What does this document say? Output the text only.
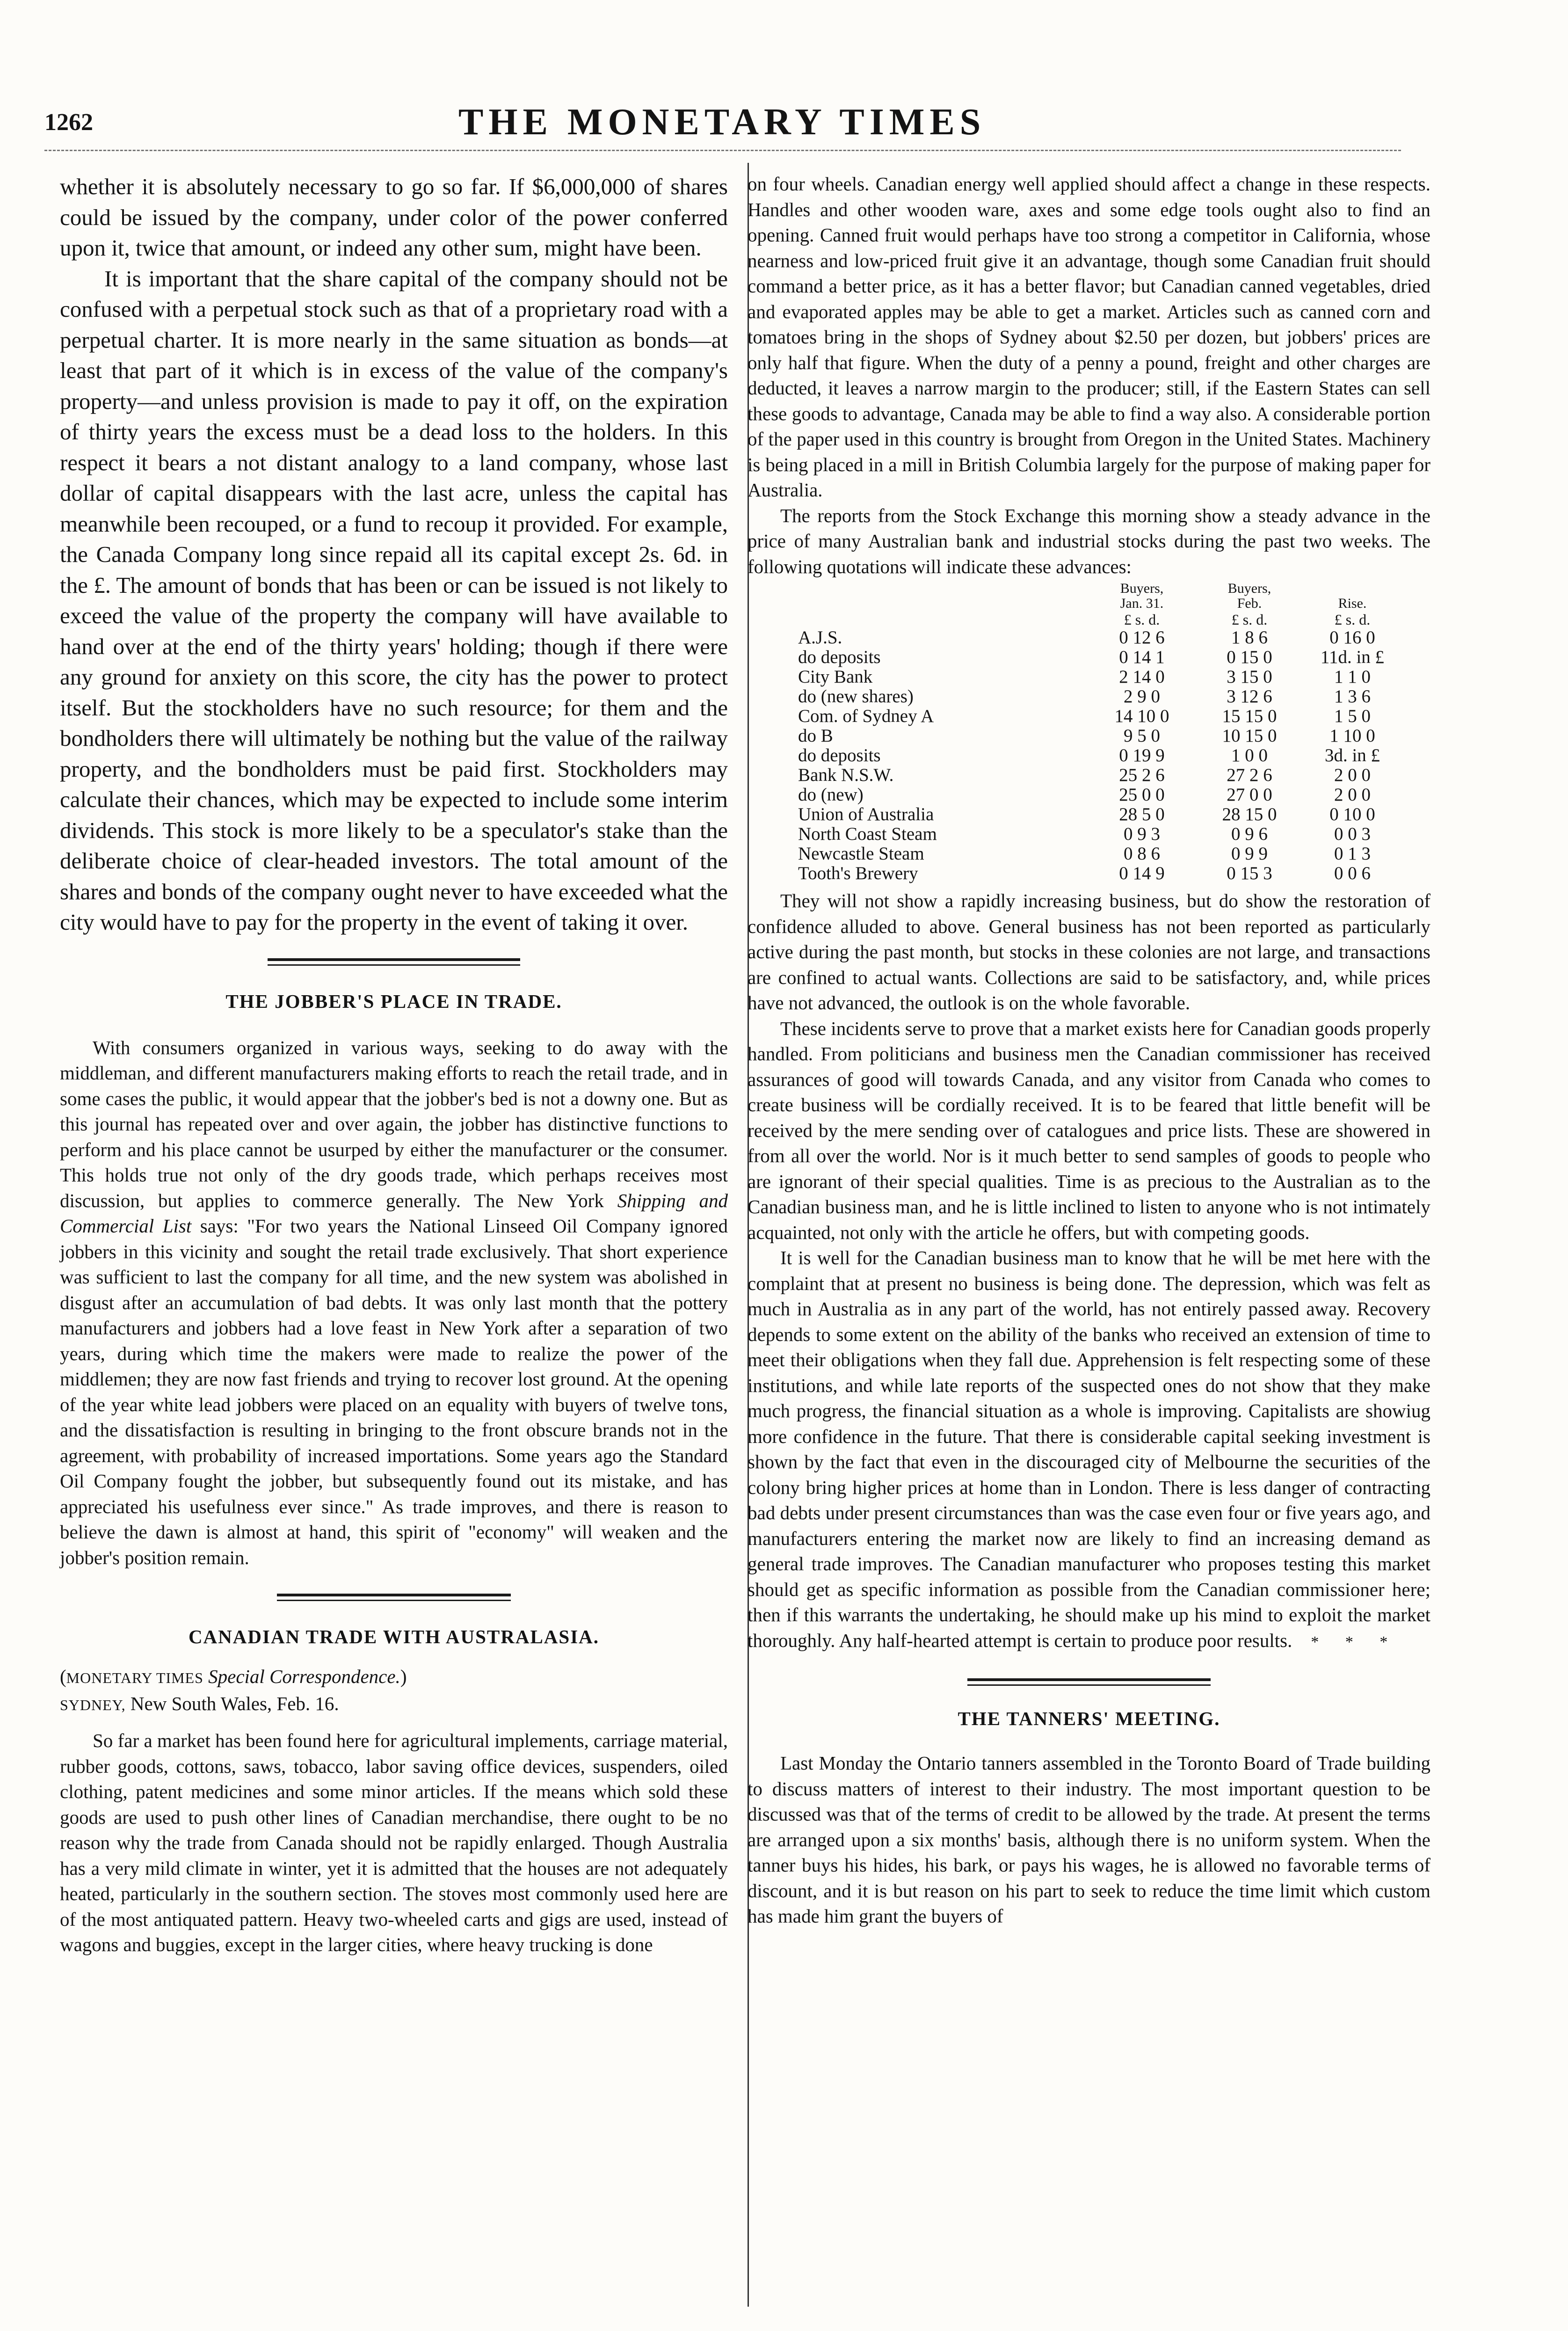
1262	THE MONETARY TIMES

whether it is absolutely necessary to go so far. If $6,000,000 of shares could be issued by the company, under color of the power conferred upon it, twice that amount, or indeed any other sum, might have been.

It is important that the share capital of the company should not be confused with a perpetual stock such as that of a proprietary road with a perpetual charter. It is more nearly in the same situation as bonds—at least that part of it which is in excess of the value of the company's property—and unless provision is made to pay it off, on the expiration of thirty years the excess must be a dead loss to the holders. In this respect it bears a not distant analogy to a land company, whose last dollar of capital disappears with the last acre, unless the capital has meanwhile been recouped, or a fund to recoup it provided. For example, the Canada Company long since repaid all its capital except 2s. 6d. in the £. The amount of bonds that has been or can be issued is not likely to exceed the value of the property the company will have available to hand over at the end of the thirty years' holding; though if there were any ground for anxiety on this score, the city has the power to protect itself. But the stockholders have no such resource; for them and the bondholders there will ultimately be nothing but the value of the railway property, and the bondholders must be paid first. Stockholders may calculate their chances, which may be expected to include some interim dividends. This stock is more likely to be a speculator's stake than the deliberate choice of clear-headed investors. The total amount of the shares and bonds of the company ought never to have exceeded what the city would have to pay for the property in the event of taking it over.

THE JOBBER'S PLACE IN TRADE.

With consumers organized in various ways, seeking to do away with the middleman, and different manufacturers making efforts to reach the retail trade, and in some cases the public, it would appear that the jobber's bed is not a downy one. But as this journal has repeated over and over again, the jobber has distinctive functions to perform and his place cannot be usurped by either the manufacturer or the consumer. This holds true not only of the dry goods trade, which perhaps receives most discussion, but applies to commerce generally. The New York Shipping and Commercial List says: "For two years the National Linseed Oil Company ignored jobbers in this vicinity and sought the retail trade exclusively. That short experience was sufficient to last the company for all time, and the new system was abolished in disgust after an accumulation of bad debts. It was only last month that the pottery manufacturers and jobbers had a love feast in New York after a separation of two years, during which time the makers were made to realize the power of the middlemen; they are now fast friends and trying to recover lost ground. At the opening of the year white lead jobbers were placed on an equality with buyers of twelve tons, and the dissatisfaction is resulting in bringing to the front obscure brands not in the agreement, with probability of increased importations. Some years ago the Standard Oil Company fought the jobber, but subsequently found out its mistake, and has appreciated his usefulness ever since." As trade improves, and there is reason to believe the dawn is almost at hand, this spirit of "economy" will weaken and the jobber's position remain.

CANADIAN TRADE WITH AUSTRALASIA.

(MONETARY TIMES Special Correspondence.)

SYDNEY, New South Wales, Feb. 16.

So far a market has been found here for agricultural implements, carriage material, rubber goods, cottons, saws, tobacco, labor saving office devices, suspenders, oiled clothing, patent medicines and some minor articles. If the means which sold these goods are used to push other lines of Canadian merchandise, there ought to be no reason why the trade from Canada should not be rapidly enlarged. Though Australia has a very mild climate in winter, yet it is admitted that the houses are not adequately heated, particularly in the southern section. The stoves most commonly used here are of the most antiquated pattern. Heavy two-wheeled carts and gigs are used, instead of wagons and buggies, except in the larger cities, where heavy trucking is done

on four wheels. Canadian energy well applied should affect a change in these respects. Handles and other wooden ware, axes and some edge tools ought also to find an opening. Canned fruit would perhaps have too strong a competitor in California, whose nearness and low-priced fruit give it an advantage, though some Canadian fruit should command a better price, as it has a better flavor; but Canadian canned vegetables, dried and evaporated apples may be able to get a market. Articles such as canned corn and tomatoes bring in the shops of Sydney about $2.50 per dozen, but jobbers' prices are only half that figure. When the duty of a penny a pound, freight and other charges are deducted, it leaves a narrow margin to the producer; still, if the Eastern States can sell these goods to advantage, Canada may be able to find a way also. A considerable portion of the paper used in this country is brought from Oregon in the United States. Machinery is being placed in a mill in British Columbia largely for the purpose of making paper for Australia.

The reports from the Stock Exchange this morning show a steady advance in the price of many Australian bank and industrial stocks during the past two weeks. The following quotations will indicate these advances:

	Buyers,	Buyers,	
	Jan. 31.	Feb.	Rise.
	£ s. d.	£ s. d.	£ s. d.
A.J.S.	0 12 6	1 8 6	0 16 0
do deposits	0 14 1	0 15 0	11d. in £
City Bank	2 14 0	3 15 0	1 1 0
do (new shares)	2 9 0	3 12 6	1 3 6
Com. of Sydney A	14 10 0	15 15 0	1 5 0
do B	9 5 0	10 15 0	1 10 0
do deposits	0 19 9	1 0 0	3d. in £
Bank N.S.W.	25 2 6	27 2 6	2 0 0
do (new)	25 0 0	27 0 0	2 0 0
Union of Australia	28 5 0	28 15 0	0 10 0
North Coast Steam	0 9 3	0 9 6	0 0 3
Newcastle Steam	0 8 6	0 9 9	0 1 3
Tooth's Brewery	0 14 9	0 15 3	0 0 6

They will not show a rapidly increasing business, but do show the restoration of confidence alluded to above. General business has not been reported as particularly active during the past month, but stocks in these colonies are not large, and transactions are confined to actual wants. Collections are said to be satisfactory, and, while prices have not advanced, the outlook is on the whole favorable.

These incidents serve to prove that a market exists here for Canadian goods properly handled. From politicians and business men the Canadian commissioner has received assurances of good will towards Canada, and any visitor from Canada who comes to create business will be cordially received. It is to be feared that little benefit will be received by the mere sending over of catalogues and price lists. These are showered in from all over the world. Nor is it much better to send samples of goods to people who are ignorant of their special qualities. Time is as precious to the Australian as to the Canadian business man, and he is little inclined to listen to anyone who is not intimately acquainted, not only with the article he offers, but with competing goods.

It is well for the Canadian business man to know that he will be met here with the complaint that at present no business is being done. The depression, which was felt as much in Australia as in any part of the world, has not entirely passed away. Recovery depends to some extent on the ability of the banks who received an extension of time to meet their obligations when they fall due. Apprehension is felt respecting some of these institutions, and while late reports of the suspected ones do not show that they make much progress, the financial situation as a whole is improving. Capitalists are showiug more confidence in the future. That there is considerable capital seeking investment is shown by the fact that even in the discouraged city of Melbourne the securities of the colony bring higher prices at home than in London. There is less danger of contracting bad debts under present circumstances than was the case even four or five years ago, and manufacturers entering the market now are likely to find an increasing demand as general trade improves. The Canadian manufacturer who proposes testing this market should get as specific information as possible from the Canadian commissioner here; then if this warrants the undertaking, he should make up his mind to exploit the market thoroughly. Any half-hearted attempt is certain to produce poor results. * * *

THE TANNERS' MEETING.

Last Monday the Ontario tanners assembled in the Toronto Board of Trade building to discuss matters of interest to their industry. The most important question to be discussed was that of the terms of credit to be allowed by the trade. At present the terms are arranged upon a six months' basis, although there is no uniform system. When the tanner buys his hides, his bark, or pays his wages, he is allowed no favorable terms of discount, and it is but reason on his part to seek to reduce the time limit which custom has made him grant the buyers of
